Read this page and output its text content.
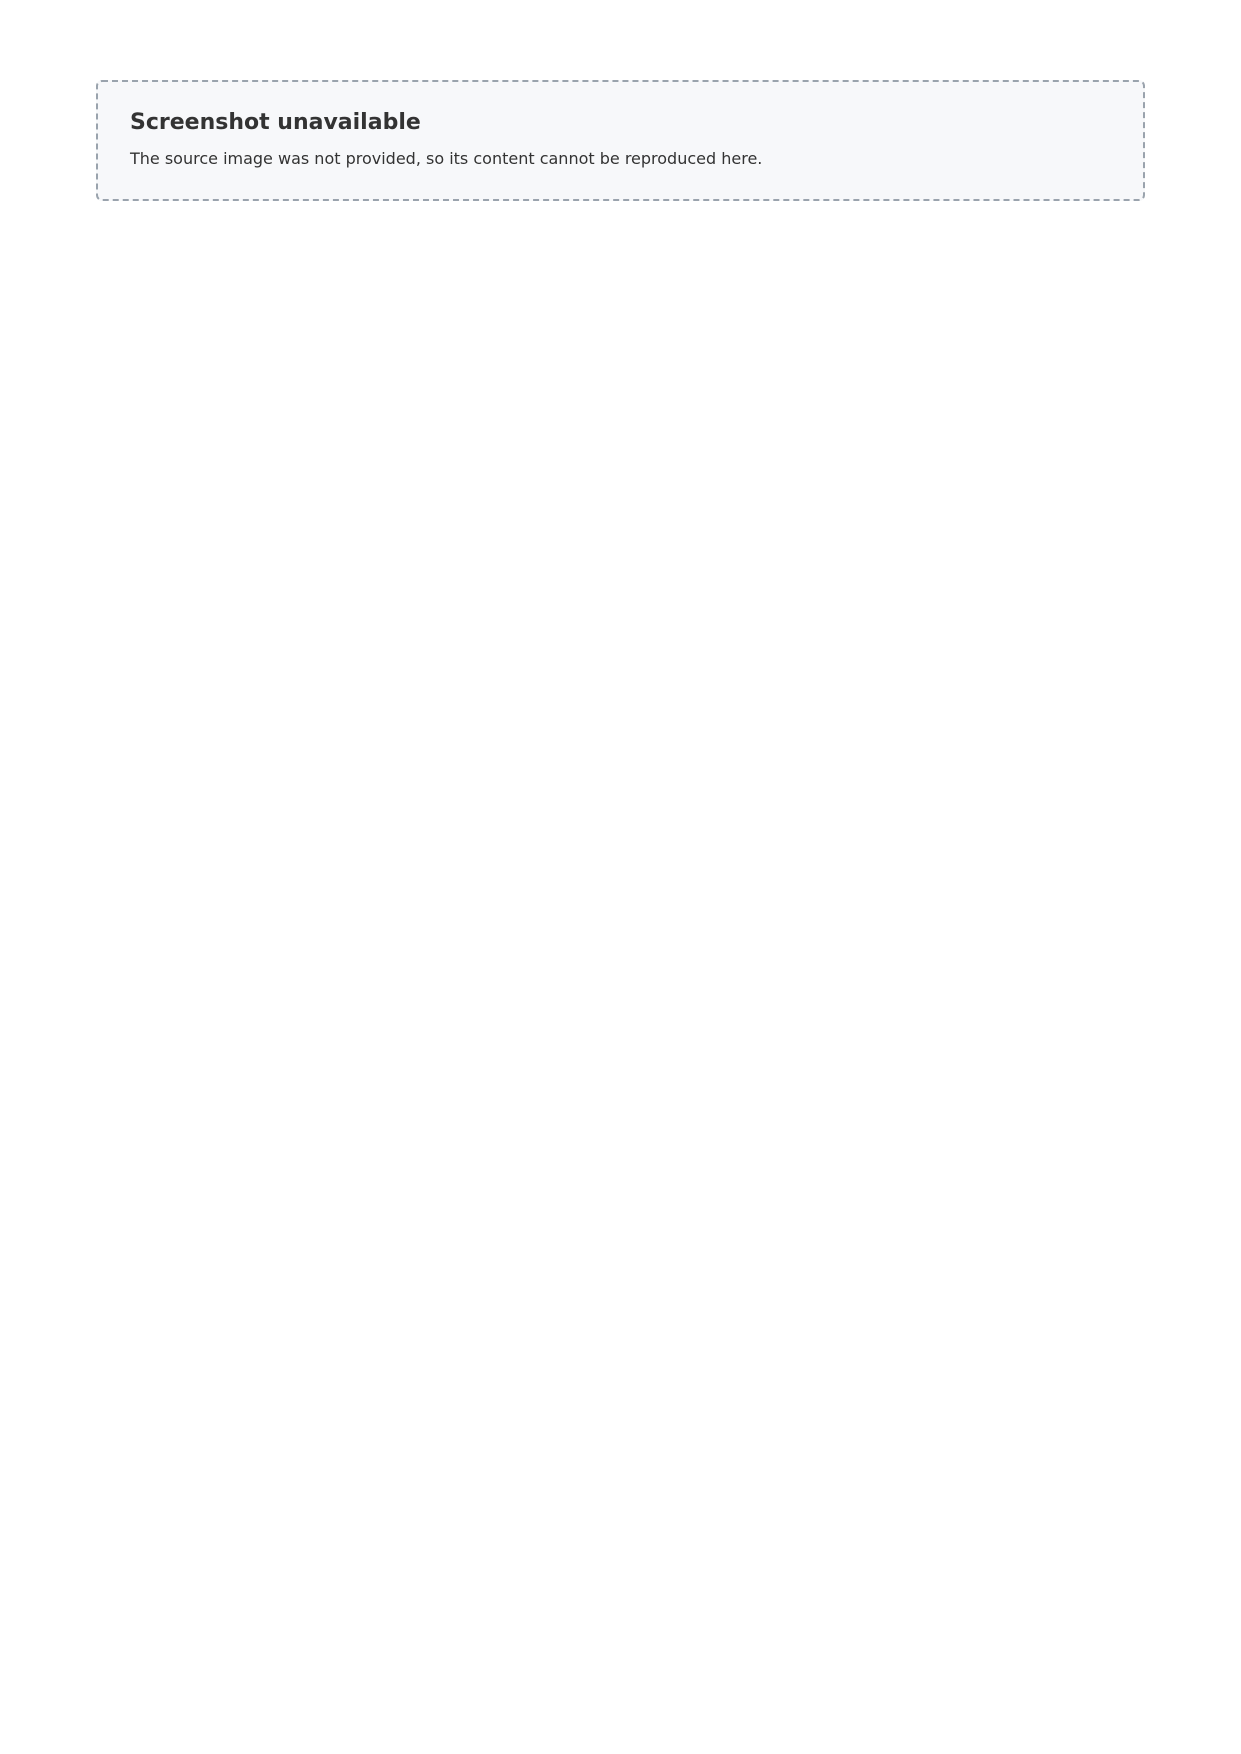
Screenshot unavailable

The source image was not provided, so its content cannot be reproduced here.
